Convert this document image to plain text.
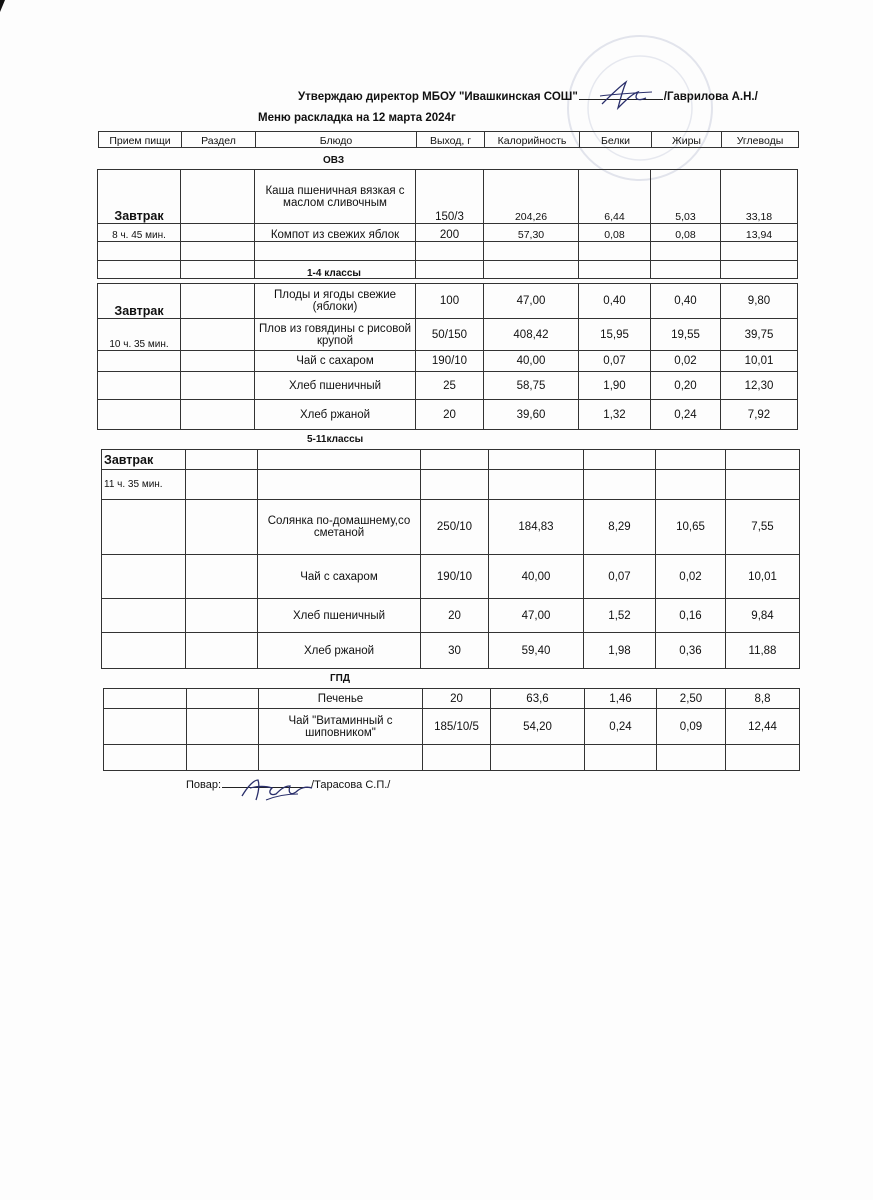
Утверждаю директор МБОУ "Ивашкинская СОШ"	/Гаврилова А.Н./
Меню раскладка на 12 марта 2024г
Прием пищи	Раздел	Блюдо	Выход, г	Калорийность	Белки	Жиры	Углеводы
ОВЗ
Завтрак		Каша пшеничная вязкая с маслом сливочным	150/3	204,26	6,44	5,03	33,18
8 ч. 45 мин.		Компот из свежих яблок	200	57,30	0,08	0,08	13,94

1-4 классы
Завтрак		Плоды и ягоды свежие (яблоки)	100	47,00	0,40	0,40	9,80
10 ч. 35 мин.		Плов из говядины с рисовой крупой	50/150	408,42	15,95	19,55	39,75
		Чай с сахаром	190/10	40,00	0,07	0,02	10,01
		Хлеб пшеничный	25	58,75	1,90	0,20	12,30
		Хлеб ржаной	20	39,60	1,32	0,24	7,92
5-11классы
Завтрак							
11 ч. 35 мин.							
		Солянка по-домашнему,со сметаной	250/10	184,83	8,29	10,65	7,55
		Чай с сахаром	190/10	40,00	0,07	0,02	10,01
		Хлеб пшеничный	20	47,00	1,52	0,16	9,84
		Хлеб ржаной	30	59,40	1,98	0,36	11,88
ГПД
		Печенье	20	63,6	1,46	2,50	8,8
		Чай "Витаминный с шиповником"	185/10/5	54,20	0,24	0,09	12,44

Повар:	/Тарасова С.П./
